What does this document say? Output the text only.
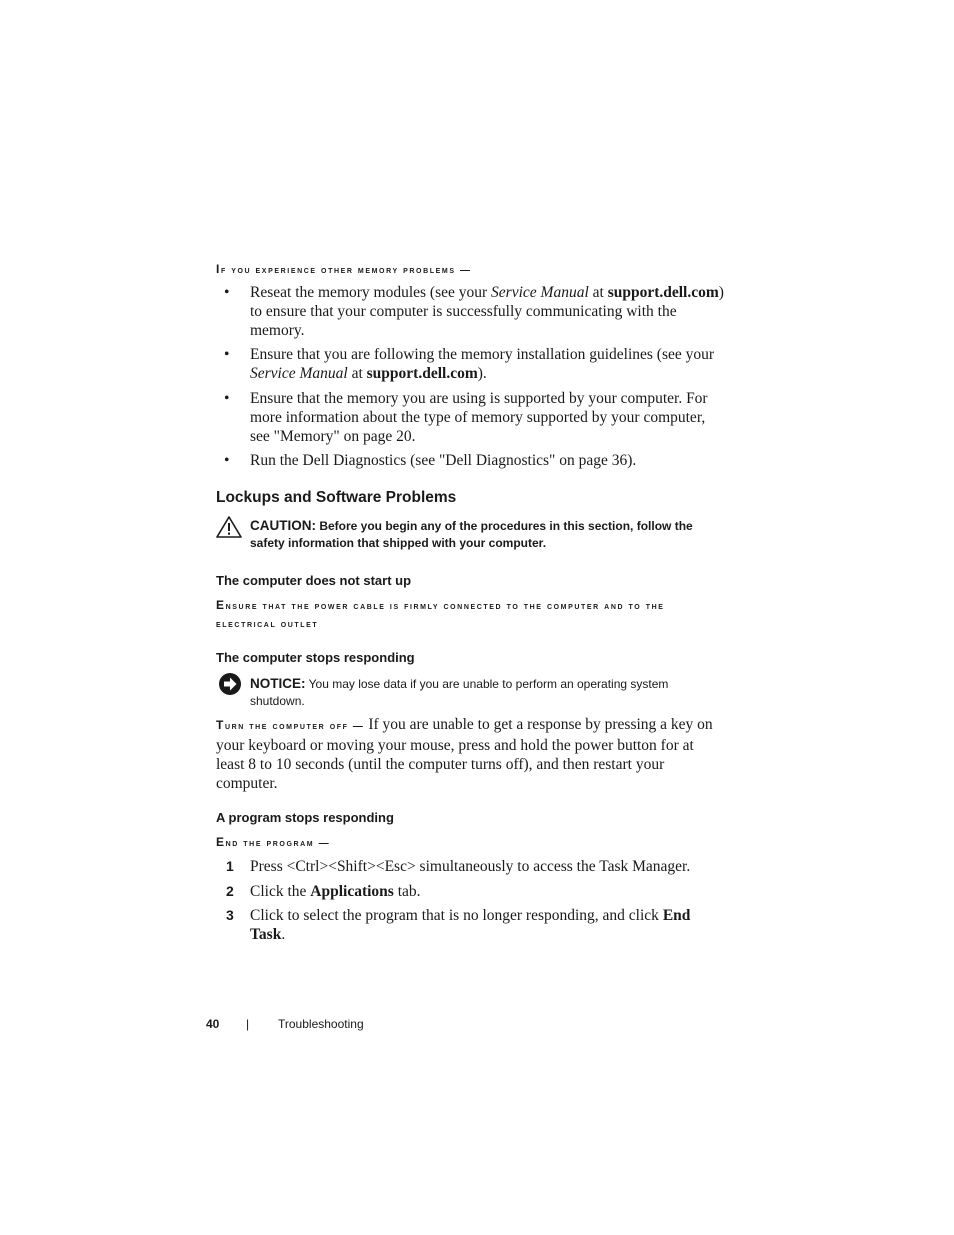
If you experience other memory problems —
• Reseat the memory modules (see your Service Manual at support.dell.com) to ensure that your computer is successfully communicating with the memory.
• Ensure that you are following the memory installation guidelines (see your Service Manual at support.dell.com).
• Ensure that the memory you are using is supported by your computer. For more information about the type of memory supported by your computer, see "Memory" on page 20.
• Run the Dell Diagnostics (see "Dell Diagnostics" on page 36).
Lockups and Software Problems
CAUTION: Before you begin any of the procedures in this section, follow the safety information that shipped with your computer.
The computer does not start up
Ensure that the power cable is firmly connected to the computer and to the electrical outlet
The computer stops responding
NOTICE: You may lose data if you are unable to perform an operating system shutdown.
Turn the computer off — If you are unable to get a response by pressing a key on your keyboard or moving your mouse, press and hold the power button for at least 8 to 10 seconds (until the computer turns off), and then restart your computer.
A program stops responding
End the program —
1 Press <Ctrl><Shift><Esc> simultaneously to access the Task Manager.
2 Click the Applications tab.
3 Click to select the program that is no longer responding, and click End Task.
40 | Troubleshooting
